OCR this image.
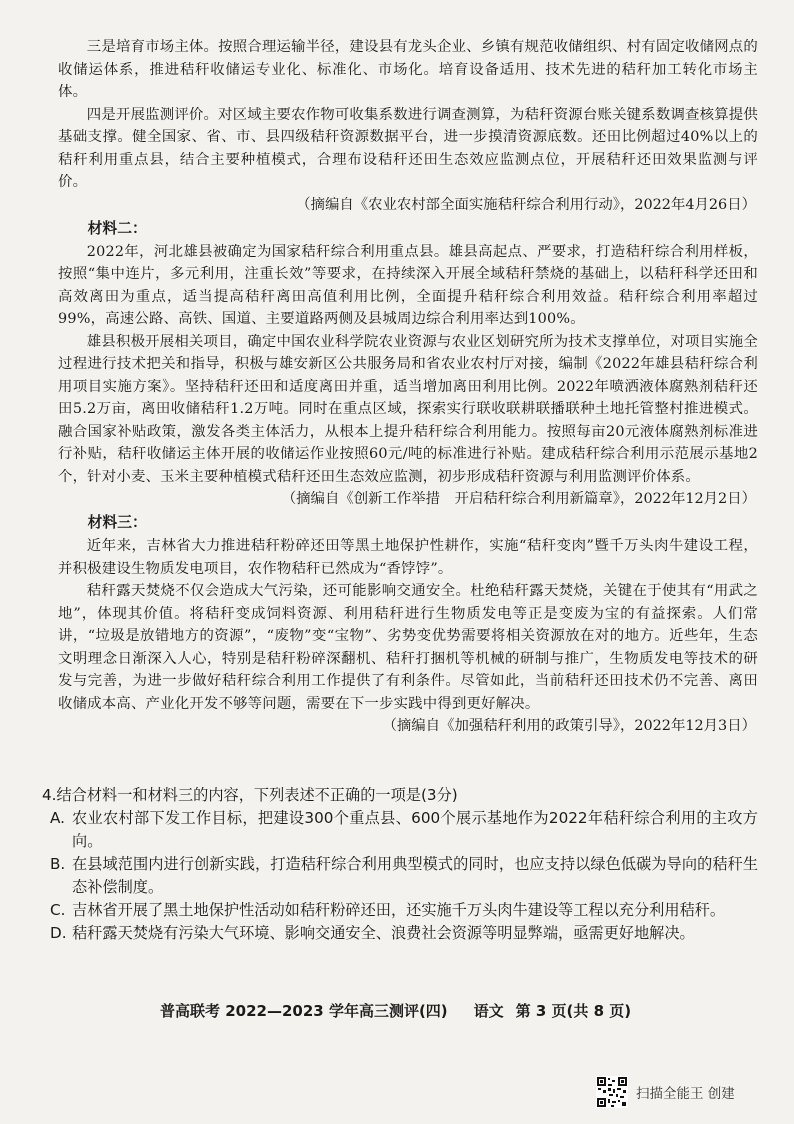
三是培育市场主体。按照合理运输半径，建设县有龙头企业、乡镇有规范收储组织、村有固定收储网点的收储运体系，推进秸秆收储运专业化、标准化、市场化。培育设备适用、技术先进的秸秆加工转化市场主体。

四是开展监测评价。对区域主要农作物可收集系数进行调查测算，为秸秆资源台账关键系数调查核算提供基础支撑。健全国家、省、市、县四级秸秆资源数据平台，进一步摸清资源底数。还田比例超过40%以上的秸秆利用重点县，结合主要种植模式，合理布设秸秆还田生态效应监测点位，开展秸秆还田效果监测与评价。

（摘编自《农业农村部全面实施秸秆综合利用行动》，2022年4月26日）

材料二：

2022年，河北雄县被确定为国家秸秆综合利用重点县。雄县高起点、严要求，打造秸秆综合利用样板，按照“集中连片，多元利用，注重长效”等要求，在持续深入开展全域秸秆禁烧的基础上，以秸秆科学还田和高效离田为重点，适当提高秸秆离田高值利用比例，全面提升秸秆综合利用效益。秸秆综合利用率超过99%，高速公路、高铁、国道、主要道路两侧及县城周边综合利用率达到100%。

雄县积极开展相关项目，确定中国农业科学院农业资源与农业区划研究所为技术支撑单位，对项目实施全过程进行技术把关和指导，积极与雄安新区公共服务局和省农业农村厅对接，编制《2022年雄县秸秆综合利用项目实施方案》。坚持秸秆还田和适度离田并重，适当增加离田利用比例。2022年喷洒液体腐熟剂秸秆还田5.2万亩，离田收储秸秆1.2万吨。同时在重点区域，探索实行联收联耕联播联种土地托管整村推进模式。融合国家补贴政策，激发各类主体活力，从根本上提升秸秆综合利用能力。按照每亩20元液体腐熟剂标准进行补贴，秸秆收储运主体开展的收储运作业按照60元/吨的标准进行补贴。建成秸秆综合利用示范展示基地2个，针对小麦、玉米主要种植模式秸秆还田生态效应监测，初步形成秸秆资源与利用监测评价体系。

（摘编自《创新工作举措　开启秸秆综合利用新篇章》，2022年12月2日）

材料三：

近年来，吉林省大力推进秸秆粉碎还田等黑土地保护性耕作，实施“秸秆变肉”暨千万头肉牛建设工程，并积极建设生物质发电项目，农作物秸秆已然成为“香饽饽”。

秸秆露天焚烧不仅会造成大气污染，还可能影响交通安全。杜绝秸秆露天焚烧，关键在于使其有“用武之地”，体现其价值。将秸秆变成饲料资源、利用秸秆进行生物质发电等正是变废为宝的有益探索。人们常讲，“垃圾是放错地方的资源”，“废物”变“宝物”、劣势变优势需要将相关资源放在对的地方。近些年，生态文明理念日渐深入人心，特别是秸秆粉碎深翻机、秸秆打捆机等机械的研制与推广，生物质发电等技术的研发与完善，为进一步做好秸秆综合利用工作提供了有利条件。尽管如此，当前秸秆还田技术仍不完善、离田收储成本高、产业化开发不够等问题，需要在下一步实践中得到更好解决。

（摘编自《加强秸秆利用的政策引导》，2022年12月3日）

4.结合材料一和材料三的内容，下列表述不正确的一项是(3分)

A. 农业农村部下发工作目标，把建设300个重点县、600个展示基地作为2022年秸秆综合利用的主攻方向。
B. 在县域范围内进行创新实践，打造秸秆综合利用典型模式的同时，也应支持以绿色低碳为导向的秸秆生态补偿制度。
C. 吉林省开展了黑土地保护性活动如秸秆粉碎还田，还实施千万头肉牛建设等工程以充分利用秸秆。
D. 秸秆露天焚烧有污染大气环境、影响交通安全、浪费社会资源等明显弊端，亟需更好地解决。
普高联考 2022—2023 学年高三测评(四) 语文 第 3 页(共 8 页)
扫描全能王 创建
